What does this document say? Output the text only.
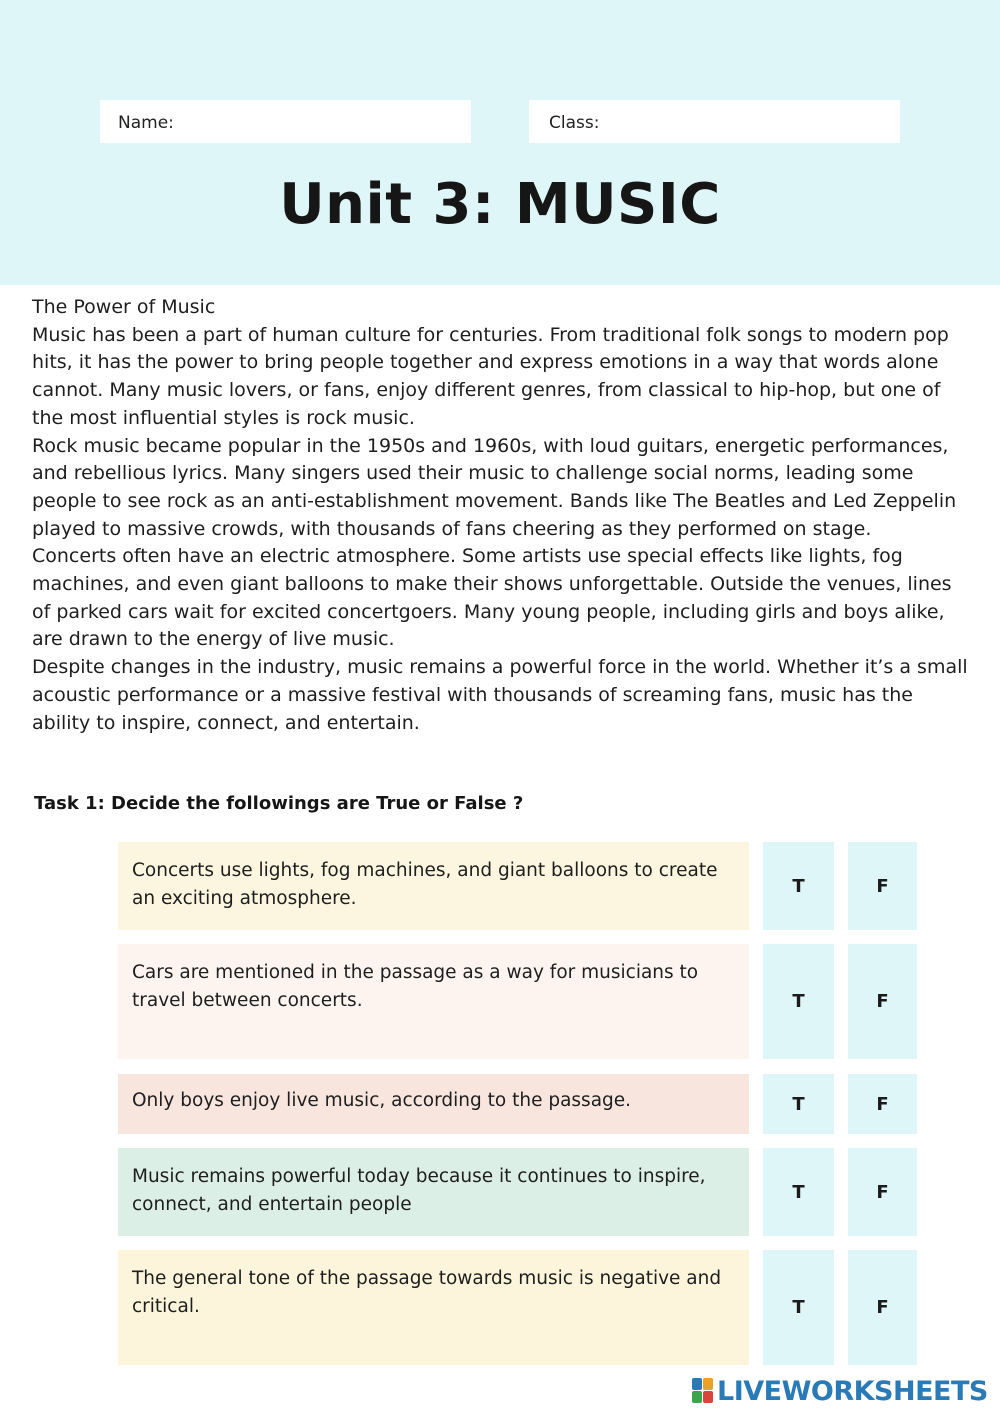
Name:	Class:
Unit 3: MUSIC

The Power of Music

Music has been a part of human culture for centuries. From traditional folk songs to modern pop hits, it has the power to bring people together and express emotions in a way that words alone cannot. Many music lovers, or fans, enjoy different genres, from classical to hip-hop, but one of the most influential styles is rock music.

Rock music became popular in the 1950s and 1960s, with loud guitars, energetic performances, and rebellious lyrics. Many singers used their music to challenge social norms, leading some people to see rock as an anti-establishment movement. Bands like The Beatles and Led Zeppelin played to massive crowds, with thousands of fans cheering as they performed on stage.

Concerts often have an electric atmosphere. Some artists use special effects like lights, fog machines, and even giant balloons to make their shows unforgettable. Outside the venues, lines of parked cars wait for excited concertgoers. Many young people, including girls and boys alike, are drawn to the energy of live music.

Despite changes in the industry, music remains a powerful force in the world. Whether it’s a small acoustic performance or a massive festival with thousands of screaming fans, music has the ability to inspire, connect, and entertain.

Task 1: Decide the followings are True or False ?
Concerts use lights, fog machines, and giant balloons to create an exciting atmosphere.
T	F
Cars are mentioned in the passage as a way for musicians to travel between concerts.	T	F
Only boys enjoy live music, according to the passage.	T	F
Music remains powerful today because it continues to inspire, connect, and entertain people
T	F
The general tone of the passage towards music is negative and critical.	T	F
LIVEWORKSHEETS
